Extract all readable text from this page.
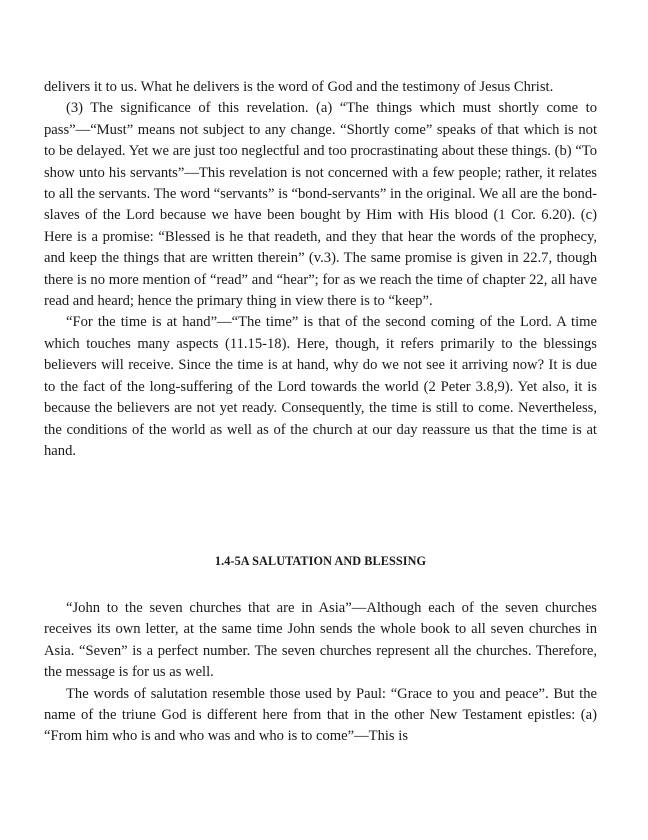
delivers it to us. What he delivers is the word of God and the testimony of Jesus Christ.

(3) The significance of this revelation. (a) “The things which must shortly come to pass”—“Must” means not subject to any change. “Shortly come” speaks of that which is not to be delayed. Yet we are just too neglectful and too procrastinating about these things. (b) “To show unto his servants”—This revelation is not concerned with a few people; rather, it relates to all the servants. The word “servants” is “bond-servants” in the original. We all are the bond-slaves of the Lord because we have been bought by Him with His blood (1 Cor. 6.20). (c) Here is a promise: “Blessed is he that readeth, and they that hear the words of the prophecy, and keep the things that are written therein” (v.3). The same promise is given in 22.7, though there is no more mention of “read” and “hear”; for as we reach the time of chapter 22, all have read and heard; hence the primary thing in view there is to “keep”.

“For the time is at hand”—“The time” is that of the second coming of the Lord. A time which touches many aspects (11.15-18). Here, though, it refers primarily to the blessings believers will receive. Since the time is at hand, why do we not see it arriving now? It is due to the fact of the long-suffering of the Lord towards the world (2 Peter 3.8,9). Yet also, it is because the believers are not yet ready. Consequently, the time is still to come. Nevertheless, the conditions of the world as well as of the church at our day reassure us that the time is at hand.

1.4-5A SALUTATION AND BLESSING

“John to the seven churches that are in Asia”—Although each of the seven churches receives its own letter, at the same time John sends the whole book to all seven churches in Asia. “Seven” is a perfect number. The seven churches represent all the churches. Therefore, the message is for us as well.

The words of salutation resemble those used by Paul: “Grace to you and peace”. But the name of the triune God is different here from that in the other New Testament epistles: (a) “From him who is and who was and who is to come”—This is
